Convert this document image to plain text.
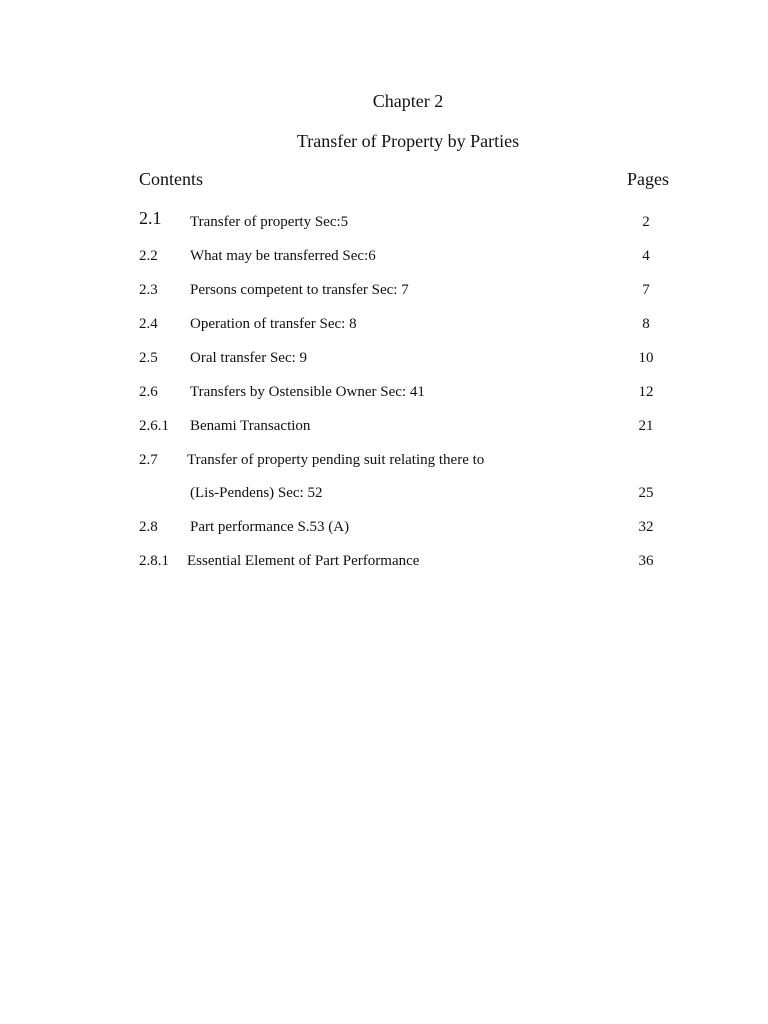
Chapter 2
Transfer of Property by Parties
Contents	Pages
2.1 Transfer of property Sec:5	2
2.2 What may be transferred Sec:6	4
2.3 Persons competent to transfer Sec: 7	7
2.4 Operation of transfer Sec: 8	8
2.5 Oral transfer Sec: 9	10
2.6 Transfers by Ostensible Owner Sec: 41	12
2.6.1 Benami Transaction	21
2.7 Transfer of property pending suit relating there to
(Lis-Pendens) Sec: 52	25
2.8 Part performance S.53 (A)	32
2.8.1 Essential Element of Part Performance	36
